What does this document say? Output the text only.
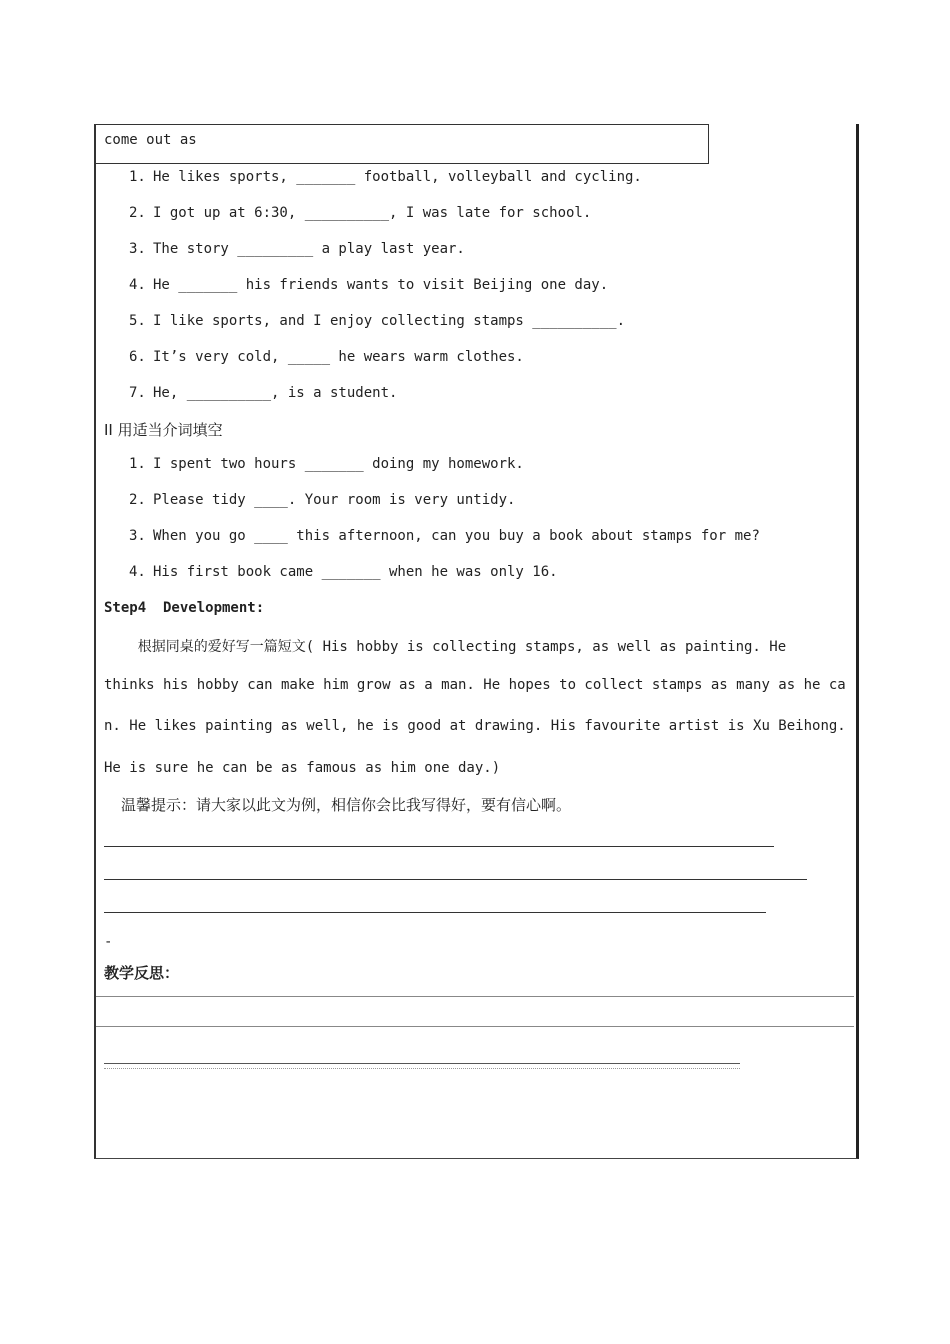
come out as
1. He likes sports, _______ football, volleyball and cycling.
2. I got up at 6:30, __________, I was late for school.
3. The story _________ a play last year.
4. He _______ his friends wants to visit Beijing one day.
5. I like sports, and I enjoy collecting stamps __________.
6. It’s very cold, _____ he wears warm clothes.
7. He, __________, is a student.
II 用适当介词填空
1. I spent two hours _______ doing my homework.
2. Please tidy ____. Your room is very untidy.
3. When you go ____ this afternoon, can you buy a book about stamps for me?
4. His first book came _______ when he was only 16.
Step4  Development:
根据同桌的爱好写一篇短文( His hobby is collecting stamps, as well as painting. He
thinks his hobby can make him grow as a man. He hopes to collect stamps as many as he ca
n. He likes painting as well, he is good at drawing. His favourite artist is Xu Beihong.
He is sure he can be as famous as him one day.)
温馨提示：请大家以此文为例，相信你会比我写得好，要有信心啊。
-
教学反思：
